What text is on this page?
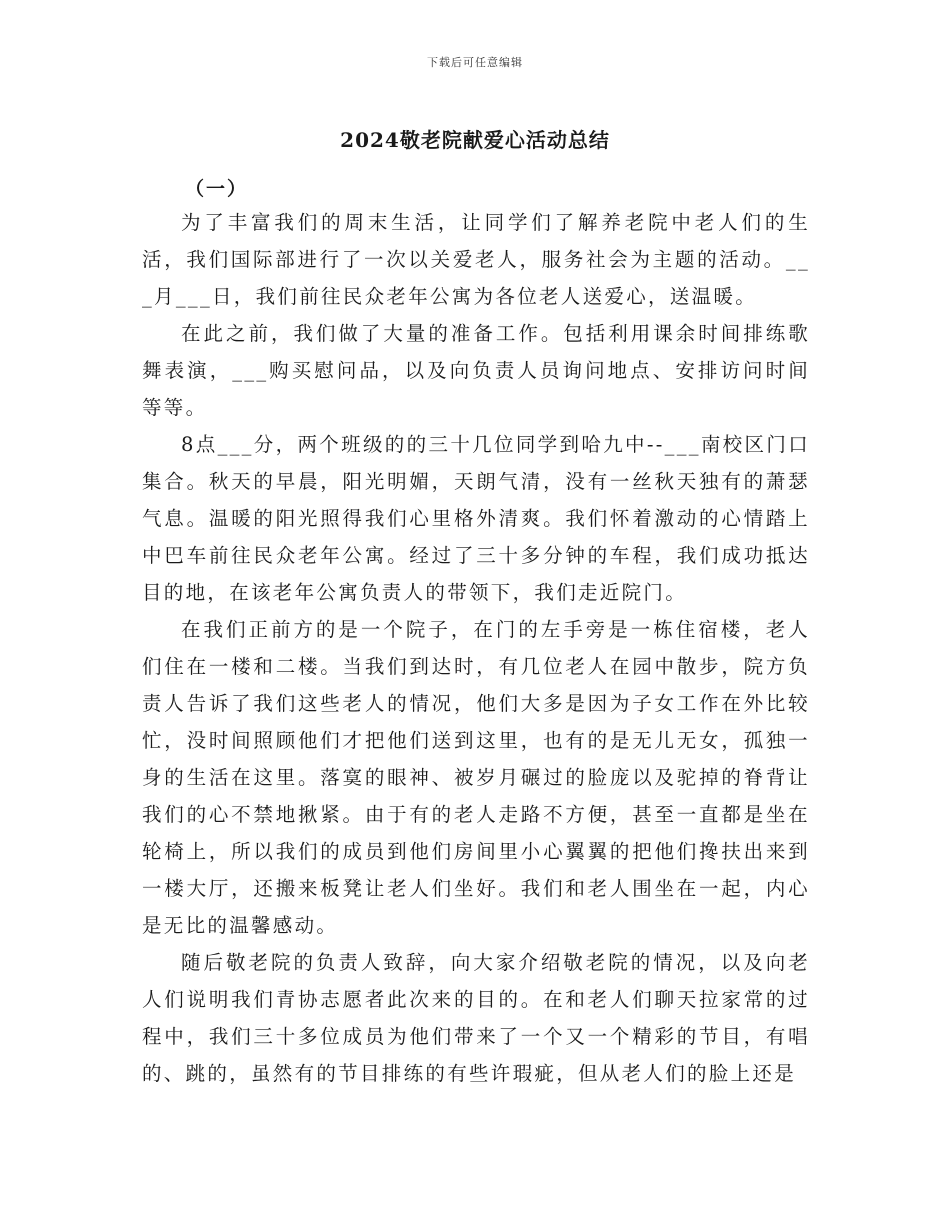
下载后可任意编辑
2024敬老院献爱心活动总结
（一）

为了丰富我们的周末生活，让同学们了解养老院中老人们的生活，我们国际部进行了一次以关爱老人，服务社会为主题的活动。___月___日，我们前往民众老年公寓为各位老人送爱心，送温暖。

在此之前，我们做了大量的准备工作。包括利用课余时间排练歌舞表演，___购买慰问品，以及向负责人员询问地点、安排访问时间等等。

8点___分，两个班级的的三十几位同学到哈九中--___南校区门口集合。秋天的早晨，阳光明媚，天朗气清，没有一丝秋天独有的萧瑟气息。温暖的阳光照得我们心里格外清爽。我们怀着激动的心情踏上中巴车前往民众老年公寓。经过了三十多分钟的车程，我们成功抵达目的地，在该老年公寓负责人的带领下，我们走近院门。

在我们正前方的是一个院子，在门的左手旁是一栋住宿楼，老人们住在一楼和二楼。当我们到达时，有几位老人在园中散步，院方负责人告诉了我们这些老人的情况，他们大多是因为子女工作在外比较忙，没时间照顾他们才把他们送到这里，也有的是无儿无女，孤独一身的生活在这里。落寞的眼神、被岁月碾过的脸庞以及驼掉的脊背让我们的心不禁地揪紧。由于有的老人走路不方便，甚至一直都是坐在轮椅上，所以我们的成员到他们房间里小心翼翼的把他们搀扶出来到一楼大厅，还搬来板凳让老人们坐好。我们和老人围坐在一起，内心是无比的温馨感动。

随后敬老院的负责人致辞，向大家介绍敬老院的情况，以及向老人们说明我们青协志愿者此次来的目的。在和老人们聊天拉家常的过程中，我们三十多位成员为他们带来了一个又一个精彩的节目，有唱的、跳的，虽然有的节目排练的有些许瑕疵，但从老人们的脸上还是
